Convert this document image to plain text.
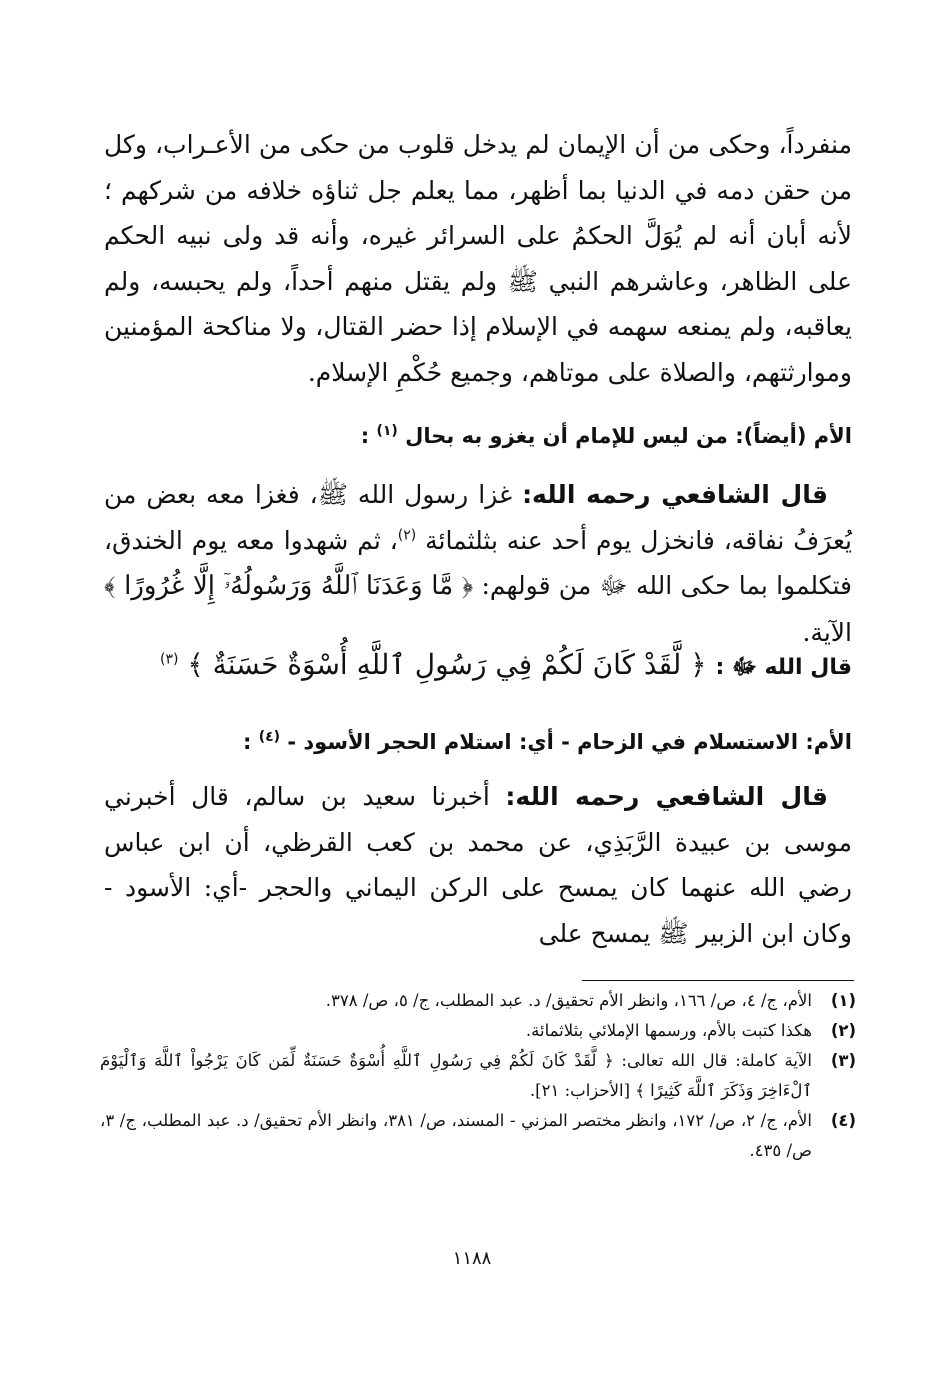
منفرداً، وحكى من أن الإيمان لم يدخل قلوب من حكى من الأعـراب، وكل من حقن دمه في الدنيا بما أظهر، مما يعلم جل ثناؤه خلافه من شركهم ؛ لأنه أبان أنه لم يُوَلَّ الحكمُ على السرائر غيره، وأنه قد ولى نبيه الحكم على الظاهر، وعاشرهم النبي ﷺ ولم يقتل منهم أحداً، ولم يحبسه، ولم يعاقبه، ولم يمنعه سهمه في الإسلام إذا حضر القتال، ولا مناكحة المؤمنين وموارثتهم، والصلاة على موتاهم، وجميع حُكْمِ الإسلام.

الأم (أيضاً): من ليس للإمام أن يغزو به بحال $^{(١)}$ :

قال الشافعي رحمه الله: غزا رسول الله ﷺ، فغزا معه بعض من يُعرَفُ نفاقه، فانخزل يوم أحد عنه بثلثمائة $^{(٢)}$، ثم شهدوا معه يوم الخندق، فتكلموا بما حكى الله ﷻ من قولهم: ﴿ مَّا وَعَدَنَا ٱللَّهُ وَرَسُولُهُۥٓ إِلَّا غُرُورًا ﴾ الآية.

قال الله ﷻ : ﴿ لَّقَدْ كَانَ لَكُمْ فِي رَسُولِ ٱللَّهِ أُسْوَةٌ حَسَنَةٌ ﴾ $^{(٣)}$

الأم: الاستسلام في الزحام - أي: استلام الحجر الأسود - $^{(٤)}$ :

قال الشافعي رحمه الله: أخبرنا سعيد بن سالم، قال أخبرني موسى بن عبيدة الرَّبَذِي، عن محمد بن كعب القرظي، أن ابن عباس رضي الله عنهما كان يمسح على الركن اليماني والحجر -أي: الأسود - وكان ابن الزبير ﷺ يمسح على

(١)
الأم، ج/ ٤، ص/ ١٦٦، وانظر الأم تحقيق/ د. عبد المطلب، ج/ ٥، ص/ ٣٧٨.
(٢)
هكذا كتبت بالأم، ورسمها الإملائي بثلاثمائة.
(٣)
الآية كاملة: قال الله تعالى: ﴿ لَّقَدْ كَانَ لَكُمْ فِي رَسُولِ ٱللَّهِ أُسْوَةٌ حَسَنَةٌ لِّمَن كَانَ يَرْجُواْ ٱللَّهَ وَٱلْيَوْمَ ٱلْءَاخِرَ وَذَكَرَ ٱللَّهَ كَثِيرًا ﴾ [الأحزاب: ٢١].
(٤)
الأم، ج/ ٢، ص/ ١٧٢، وانظر مختصر المزني - المسند، ص/ ٣٨١، وانظر الأم تحقيق/ د. عبد المطلب، ج/ ٣، ص/ ٤٣٥.
١١٨٨
